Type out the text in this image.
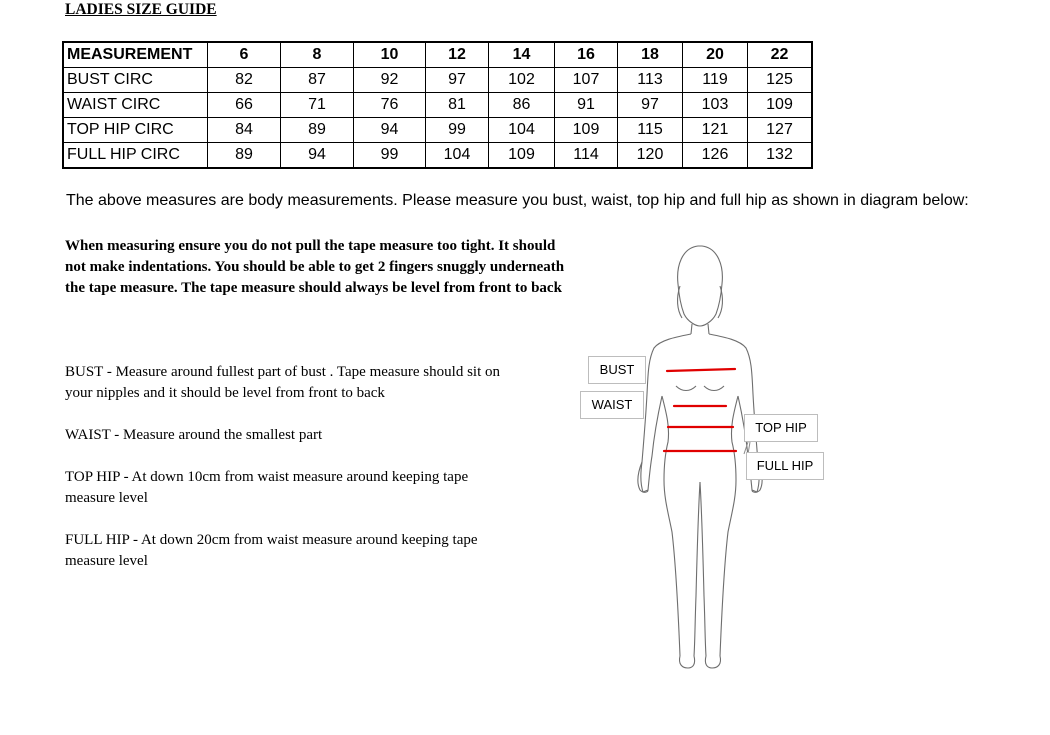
LADIES SIZE GUIDE
MEASUREMENT	6	8	10	12	14	16	18	20	22
BUST CIRC	82	87	92	97	102	107	113	119	125
WAIST CIRC	66	71	76	81	86	91	97	103	109
TOP HIP CIRC	84	89	94	99	104	109	115	121	127
FULL HIP CIRC	89	94	99	104	109	114	120	126	132
The above measures are body measurements. Please measure you bust, waist, top hip and full hip as shown in diagram below:
When measuring ensure you do not pull the tape measure too tight. It should not make indentations. You should be able to get 2 fingers snuggly underneath the tape measure. The tape measure should always be level from front to back
BUST - Measure around fullest part of bust . Tape measure should sit on your nipples and it should be level from front to back
WAIST - Measure around the smallest part
TOP HIP - At down 10cm from waist measure around keeping tape measure level
FULL HIP - At down 20cm from waist measure around keeping tape measure level
BUST
WAIST
TOP HIP
FULL HIP
